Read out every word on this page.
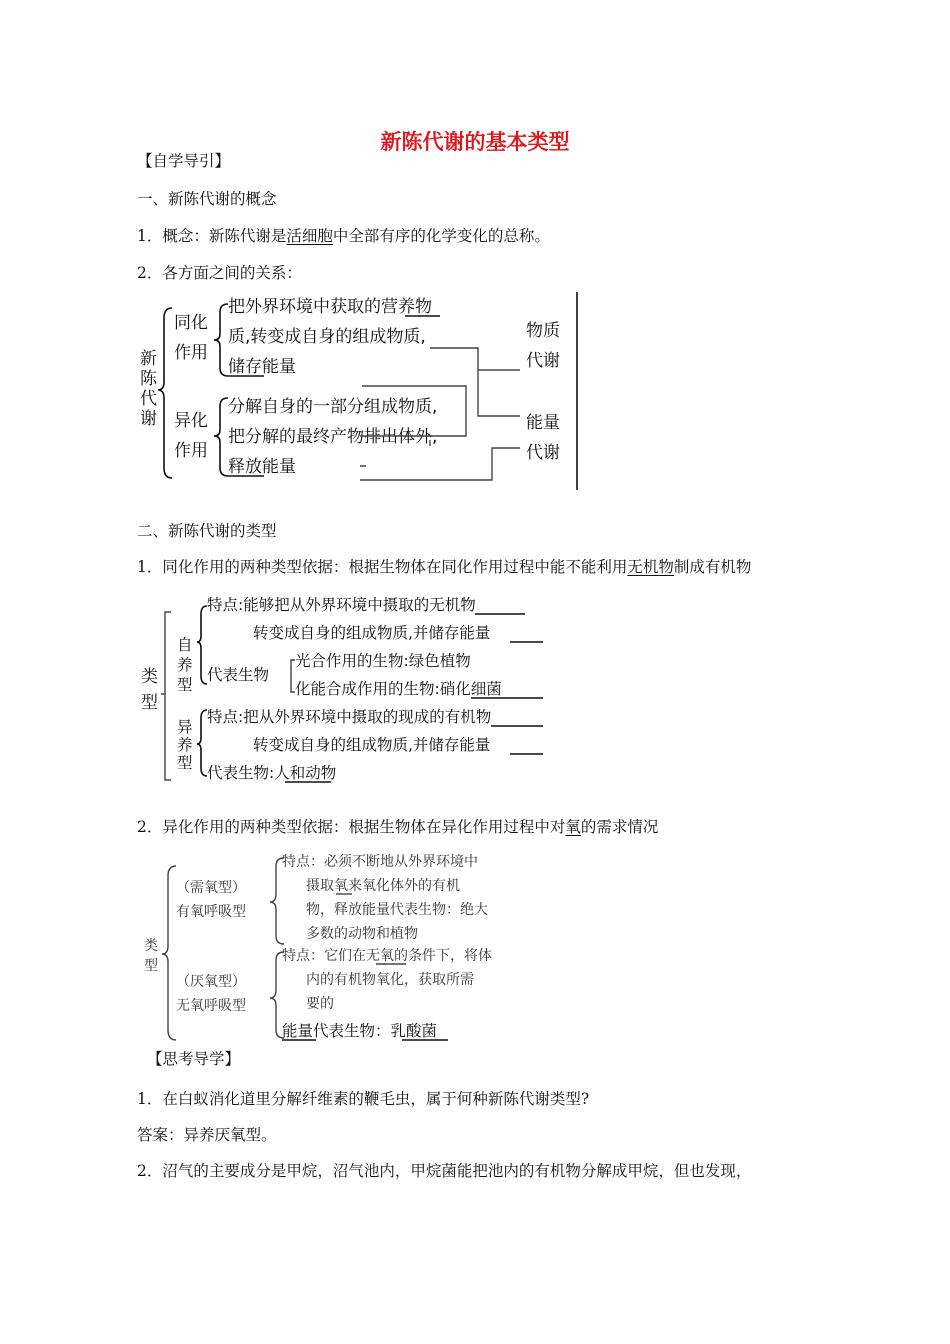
新陈代谢的基本类型
【自学导引】
一、新陈代谢的概念
1．概念：新陈代谢是活细胞中全部有序的化学变化的总称。
2．各方面之间的关系：
新
陈
代
谢
同化
作用
把外界环境中获取的营养物
质,转变成自身的组成物质,
储存能量
异化
作用
分解自身的一部分组成物质,
把分解的最终产物排出体外,
释放能量
物质
代谢
能量
代谢
二、新陈代谢的类型
1．同化作用的两种类型依据：根据生物体在同化作用过程中能不能利用无机物制成有机物
类
型
自
养
型
特点:能够把从外界环境中摄取的无机物
转变成自身的组成物质,并储存能量
代表生物
光合作用的生物:绿色植物
化能合成作用的生物:硝化细菌
异
养
型
特点:把从外界环境中摄取的现成的有机物
转变成自身的组成物质,并储存能量
代表生物:人和动物
2．异化作用的两种类型依据：根据生物体在异化作用过程中对氧的需求情况
类
型
（需氧型）
有氧呼吸型
特点：必须不断地从外界环境中
摄取氧来氧化体外的有机
物，释放能量代表生物：绝大
多数的动物和植物
（厌氧型）
无氧呼吸型
特点：它们在无氧的条件下，将体
内的有机物氧化，获取所需
要的
能量代表生物：乳酸菌
【思考导学】
1．在白蚁消化道里分解纤维素的鞭毛虫，属于何种新陈代谢类型?
答案：异养厌氧型。
2．沼气的主要成分是甲烷，沼气池内，甲烷菌能把池内的有机物分解成甲烷，但也发现，
